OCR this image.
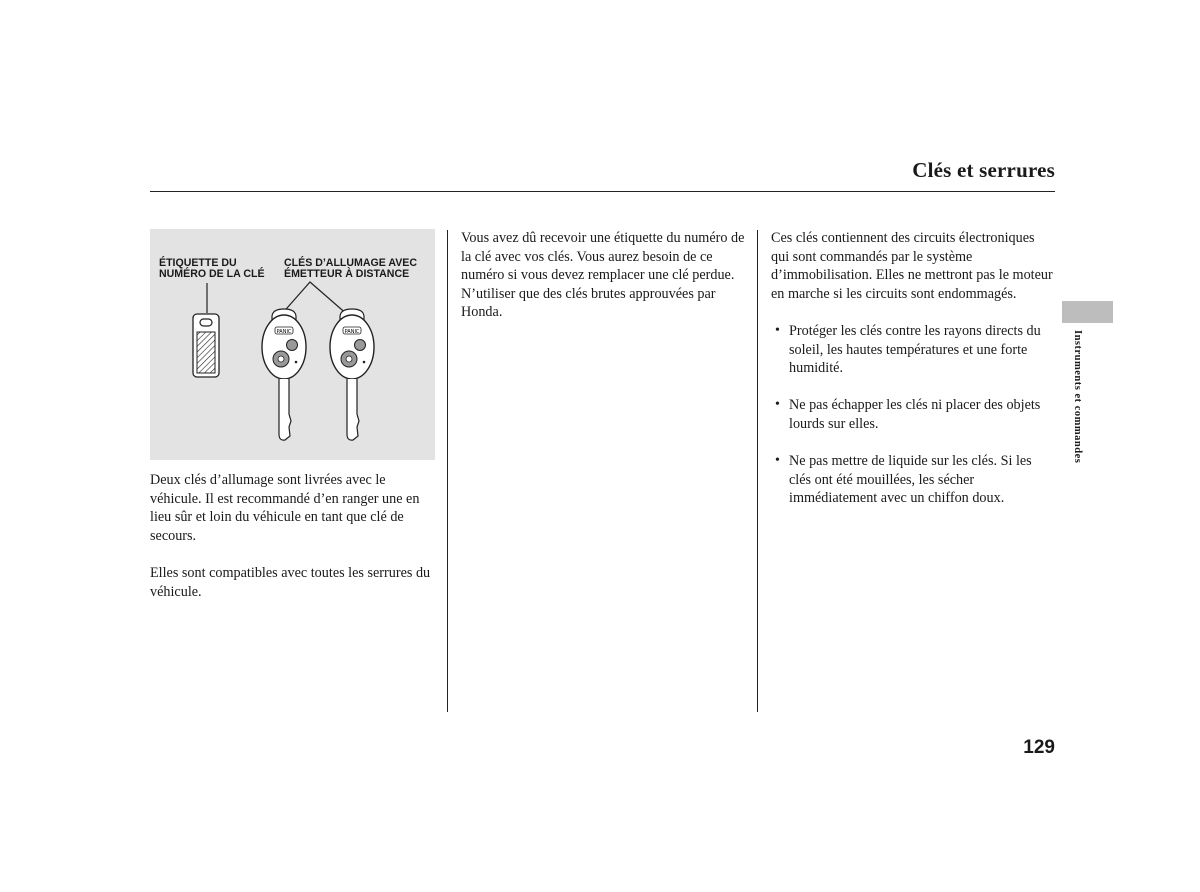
Clés et serrures
ÉTIQUETTE DU
NUMÉRO DE LA CLÉ
CLÉS D’ALLUMAGE AVEC
ÉMETTEUR À DISTANCE
PANIC	PANIC

Deux clés d’allumage sont livrées avec le véhicule. Il est recommandé d’en ranger une en lieu sûr et loin du véhicule en tant que clé de secours.

Elles sont compatibles avec toutes les serrures du véhicule.

Vous avez dû recevoir une étiquette du numéro de la clé avec vos clés. Vous aurez besoin de ce numéro si vous devez remplacer une clé perdue. N’utiliser que des clés brutes approuvées par Honda.

Ces clés contiennent des circuits électroniques qui sont commandés par le système d’immobilisation. Elles ne mettront pas le moteur en marche si les circuits sont endommagés.

• Protéger les clés contre les rayons directs du soleil, les hautes températures et une forte humidité.
• Ne pas échapper les clés ni placer des objets lourds sur elles.
• Ne pas mettre de liquide sur les clés. Si les clés ont été mouillées, les sécher immédiatement avec un chiffon doux.
Instruments et commandes
129
